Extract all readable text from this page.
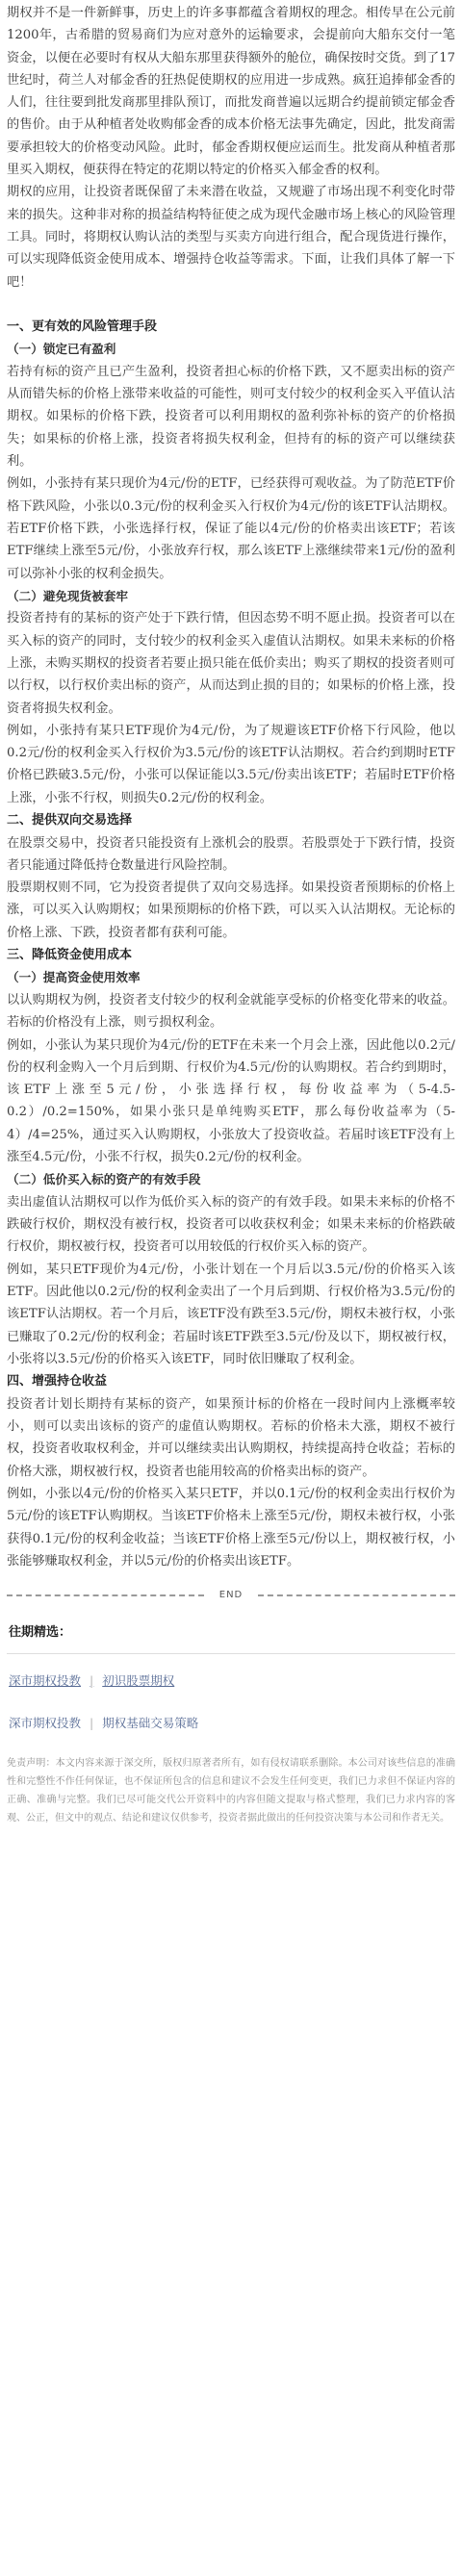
期权并不是一件新鲜事，历史上的许多事都蕴含着期权的理念。相传早在公元前1200年，古希腊的贸易商们为应对意外的运输要求，会提前向大船东交付一笔资金，以便在必要时有权从大船东那里获得额外的舱位，确保按时交货。到了17世纪时，荷兰人对郁金香的狂热促使期权的应用进一步成熟。疯狂追捧郁金香的人们，往往要到批发商那里排队预订，而批发商普遍以远期合约提前锁定郁金香的售价。由于从种植者处收购郁金香的成本价格无法事先确定，因此，批发商需要承担较大的价格变动风险。此时，郁金香期权便应运而生。批发商从种植者那里买入期权，便获得在特定的花期以特定的价格买入郁金香的权利。

期权的应用，让投资者既保留了未来潜在收益，又规避了市场出现不利变化时带来的损失。这种非对称的损益结构特征使之成为现代金融市场上核心的风险管理工具。同时，将期权认购认沽的类型与买卖方向进行组合，配合现货进行操作，可以实现降低资金使用成本、增强持仓收益等需求。下面，让我们具体了解一下吧！

一、更有效的风险管理手段

（一）锁定已有盈利

若持有标的资产且已产生盈利，投资者担心标的价格下跌，又不愿卖出标的资产从而错失标的价格上涨带来收益的可能性，则可支付较少的权利金买入平值认沽期权。如果标的价格下跌，投资者可以利用期权的盈利弥补标的资产的价格损失；如果标的价格上涨，投资者将损失权利金，但持有的标的资产可以继续获利。

例如，小张持有某只现价为4元/份的ETF，已经获得可观收益。为了防范ETF价格下跌风险，小张以0.3元/份的权利金买入行权价为4元/份的该ETF认沽期权。若ETF价格下跌，小张选择行权，保证了能以4元/份的价格卖出该ETF；若该ETF继续上涨至5元/份，小张放弃行权，那么该ETF上涨继续带来1元/份的盈利可以弥补小张的权利金损失。

（二）避免现货被套牢

投资者持有的某标的资产处于下跌行情，但因态势不明不愿止损。投资者可以在买入标的资产的同时，支付较少的权利金买入虚值认沽期权。如果未来标的价格上涨，未购买期权的投资者若要止损只能在低价卖出；购买了期权的投资者则可以行权，以行权价卖出标的资产，从而达到止损的目的；如果标的价格上涨，投资者将损失权利金。

例如，小张持有某只ETF现价为4元/份，为了规避该ETF价格下行风险，他以0.2元/份的权利金买入行权价为3.5元/份的该ETF认沽期权。若合约到期时ETF价格已跌破3.5元/份，小张可以保证能以3.5元/份卖出该ETF；若届时ETF价格上涨，小张不行权，则损失0.2元/份的权利金。

二、提供双向交易选择

在股票交易中，投资者只能投资有上涨机会的股票。若股票处于下跌行情，投资者只能通过降低持仓数量进行风险控制。

股票期权则不同，它为投资者提供了双向交易选择。如果投资者预期标的价格上涨，可以买入认购期权；如果预期标的价格下跌，可以买入认沽期权。无论标的价格上涨、下跌，投资者都有获利可能。

三、降低资金使用成本

（一）提高资金使用效率

以认购期权为例，投资者支付较少的权利金就能享受标的价格变化带来的收益。若标的价格没有上涨，则亏损权利金。

例如，小张认为某只现价为4元/份的ETF在未来一个月会上涨，因此他以0.2元/份的权利金购入一个月后到期、行权价为4.5元/份的认购期权。若合约到期时，该ETF上涨至5元/份，小张选择行权，每份收益率为（5-4.5-0.2）/0.2=150%，如果小张只是单纯购买ETF，那么每份收益率为（5-4）/4=25%，通过买入认购期权，小张放大了投资收益。若届时该ETF没有上涨至4.5元/份，小张不行权，损失0.2元/份的权利金。

（二）低价买入标的资产的有效手段

卖出虚值认沽期权可以作为低价买入标的资产的有效手段。如果未来标的价格不跌破行权价，期权没有被行权，投资者可以收获权利金；如果未来标的价格跌破行权价，期权被行权，投资者可以用较低的行权价买入标的资产。

例如，某只ETF现价为4元/份，小张计划在一个月后以3.5元/份的价格买入该ETF。因此他以0.2元/份的权利金卖出了一个月后到期、行权价格为3.5元/份的该ETF认沽期权。若一个月后，该ETF没有跌至3.5元/份，期权未被行权，小张已赚取了0.2元/份的权利金；若届时该ETF跌至3.5元/份及以下，期权被行权，小张将以3.5元/份的价格买入该ETF，同时依旧赚取了权利金。

四、增强持仓收益

投资者计划长期持有某标的资产，如果预计标的价格在一段时间内上涨概率较小，则可以卖出该标的资产的虚值认购期权。若标的价格未大涨，期权不被行权，投资者收取权利金，并可以继续卖出认购期权，持续提高持仓收益；若标的价格大涨，期权被行权，投资者也能用较高的价格卖出标的资产。

例如，小张以4元/份的价格买入某只ETF，并以0.1元/份的权利金卖出行权价为5元/份的该ETF认购期权。当该ETF价格未上涨至5元/份，期权未被行权，小张获得0.1元/份的权利金收益；当该ETF价格上涨至5元/份以上，期权被行权，小张能够赚取权利金，并以5元/份的价格卖出该ETF。

END

往期精选：

深市期权投教 | 初识股票期权
深市期权投教 | 期权基础交易策略

免责声明：本文内容来源于深交所，版权归原著者所有，如有侵权请联系删除。本公司对该些信息的准确性和完整性不作任何保证，也不保证所包含的信息和建议不会发生任何变更，我们已力求但不保证内容的正确、准确与完整。我们已尽可能交代公开资料中的内容但随文提取与格式整理，我们已力求内容的客观、公正，但文中的观点、结论和建议仅供参考，投资者据此做出的任何投资决策与本公司和作者无关。
